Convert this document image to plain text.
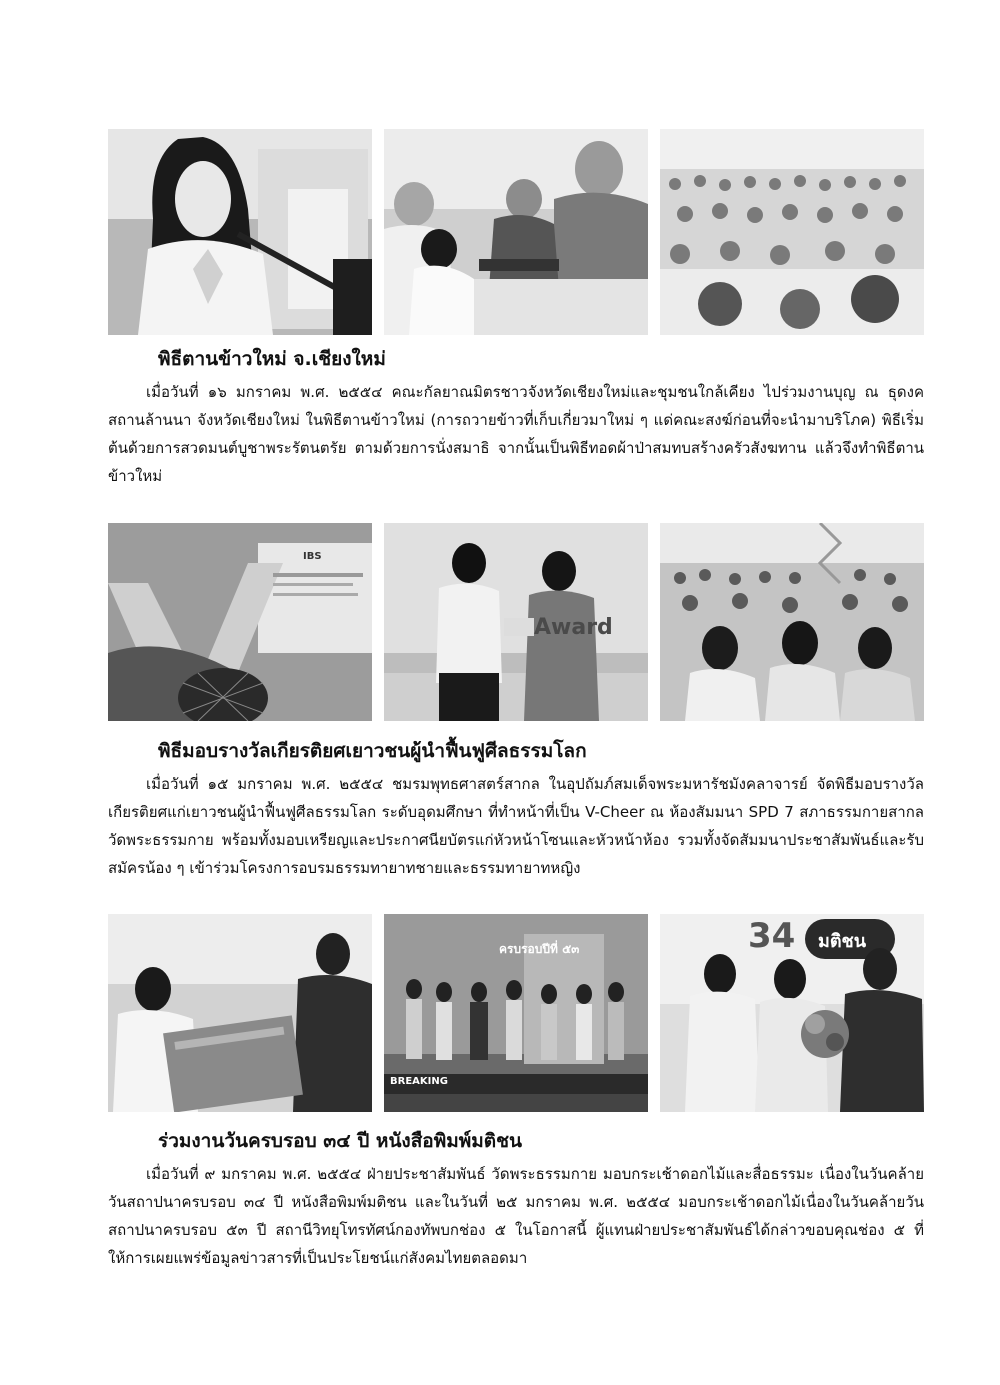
พิธีตานข้าวใหม่ จ.เชียงใหม่

เมื่อวันที่ ๑๖ มกราคม พ.ศ. ๒๕๕๔ คณะกัลยาณมิตรชาวจังหวัดเชียงใหม่และชุมชนใกล้เคียง ไปร่วมงานบุญ ณ ธุดงคสถานล้านนา จังหวัดเชียงใหม่ ในพิธีตานข้าวใหม่ (การถวายข้าวที่เก็บเกี่ยวมาใหม่ ๆ แด่คณะสงฆ์ก่อนที่จะนำมาบริโภค) พิธีเริ่มต้นด้วยการสวดมนต์บูชาพระรัตนตรัย ตามด้วยการนั่งสมาธิ จากนั้นเป็นพิธีทอดผ้าป่าสมทบสร้างครัวสังฆทาน แล้วจึงทำพิธีตานข้าวใหม่

IBS
Award
พิธีมอบรางวัลเกียรติยศเยาวชนผู้นำฟื้นฟูศีลธรรมโลก

เมื่อวันที่ ๑๕ มกราคม พ.ศ. ๒๕๕๔ ชมรมพุทธศาสตร์สากล ในอุปถัมภ์สมเด็จพระมหารัชมังคลาจารย์ จัดพิธีมอบรางวัลเกียรติยศแก่เยาวชนผู้นำฟื้นฟูศีลธรรมโลก ระดับอุดมศึกษา ที่ทำหน้าที่เป็น V-Cheer ณ ห้องสัมมนา SPD 7 สภาธรรมกายสากล วัดพระธรรมกาย พร้อมทั้งมอบเหรียญและประกาศนียบัตรแก่หัวหน้าโซนและหัวหน้าห้อง รวมทั้งจัดสัมมนาประชาสัมพันธ์และรับสมัครน้อง ๆ เข้าร่วมโครงการอบรมธรรมทายาทชายและธรรมทายาทหญิง

ครบรอบปีที่ ๕๓
BREAKING
34 มติชน
ร่วมงานวันครบรอบ ๓๔ ปี หนังสือพิมพ์มติชน

เมื่อวันที่ ๙ มกราคม พ.ศ. ๒๕๕๔ ฝ่ายประชาสัมพันธ์ วัดพระธรรมกาย มอบกระเช้าดอกไม้และสื่อธรรมะ เนื่องในวันคล้ายวันสถาปนาครบรอบ ๓๔ ปี หนังสือพิมพ์มติชน และในวันที่ ๒๕ มกราคม พ.ศ. ๒๕๕๔ มอบกระเช้าดอกไม้เนื่องในวันคล้ายวันสถาปนาครบรอบ ๕๓ ปี สถานีวิทยุโทรทัศน์กองทัพบกช่อง ๕ ในโอกาสนี้ ผู้แทนฝ่ายประชาสัมพันธ์ได้กล่าวขอบคุณช่อง ๕ ที่ให้การเผยแพร่ข้อมูลข่าวสารที่เป็นประโยชน์แก่สังคมไทยตลอดมา
